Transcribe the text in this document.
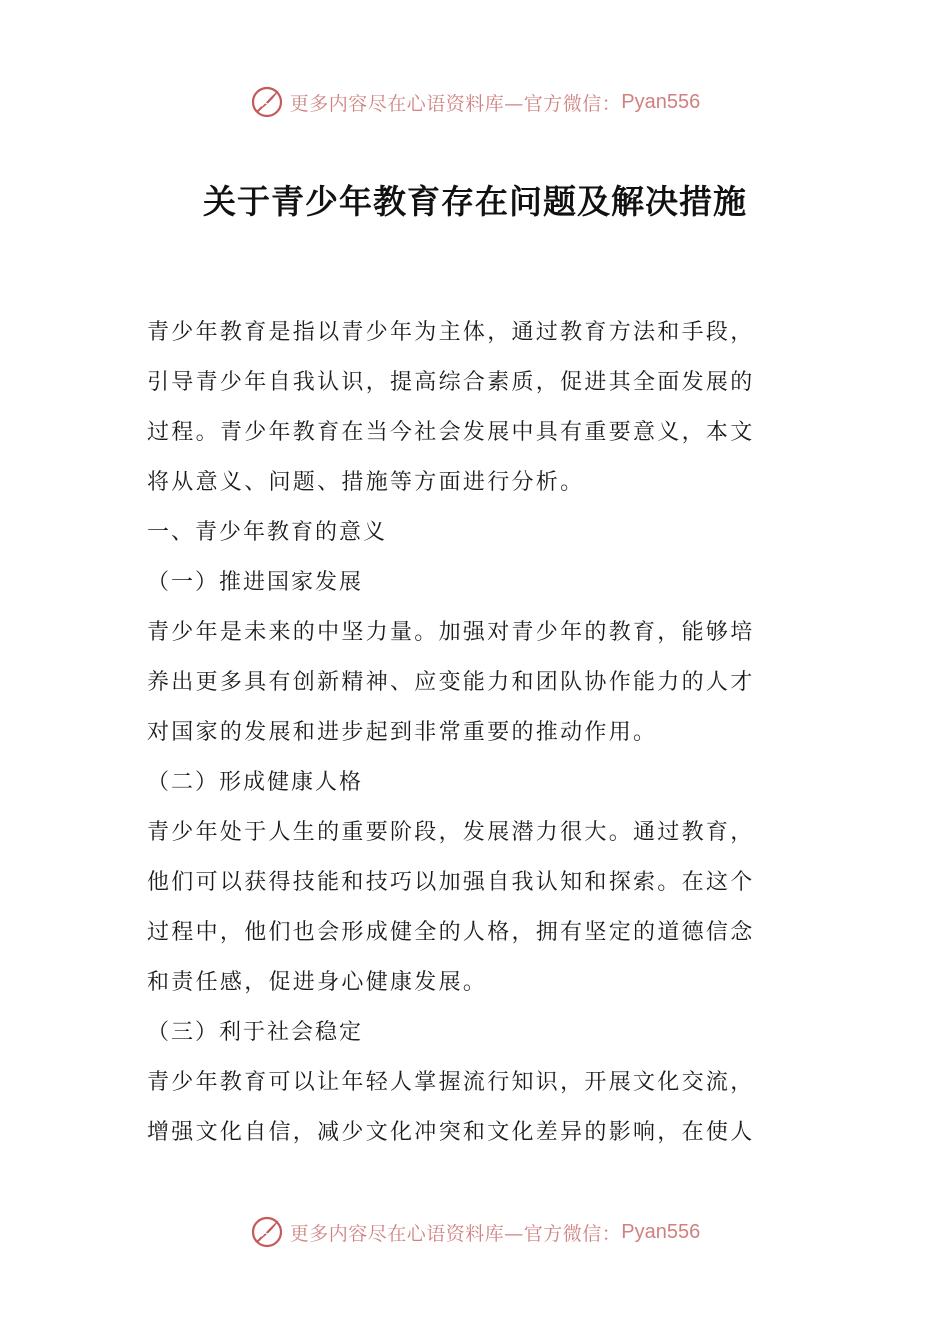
更多内容尽在心语资料库—官方微信： Pyan556
关于青少年教育存在问题及解决措施
青少年教育是指以青少年为主体，通过教育方法和手段，
引导青少年自我认识，提高综合素质，促进其全面发展的
过程。青少年教育在当今社会发展中具有重要意义，本文
将从意义、问题、措施等方面进行分析。
一、青少年教育的意义
（一）推进国家发展
青少年是未来的中坚力量。加强对青少年的教育，能够培
养出更多具有创新精神、应变能力和团队协作能力的人才
对国家的发展和进步起到非常重要的推动作用。
（二）形成健康人格
青少年处于人生的重要阶段，发展潜力很大。通过教育，
他们可以获得技能和技巧以加强自我认知和探索。在这个
过程中，他们也会形成健全的人格，拥有坚定的道德信念
和责任感，促进身心健康发展。
（三）利于社会稳定
青少年教育可以让年轻人掌握流行知识，开展文化交流，
增强文化自信，减少文化冲突和文化差异的影响，在使人
更多内容尽在心语资料库—官方微信： Pyan556
